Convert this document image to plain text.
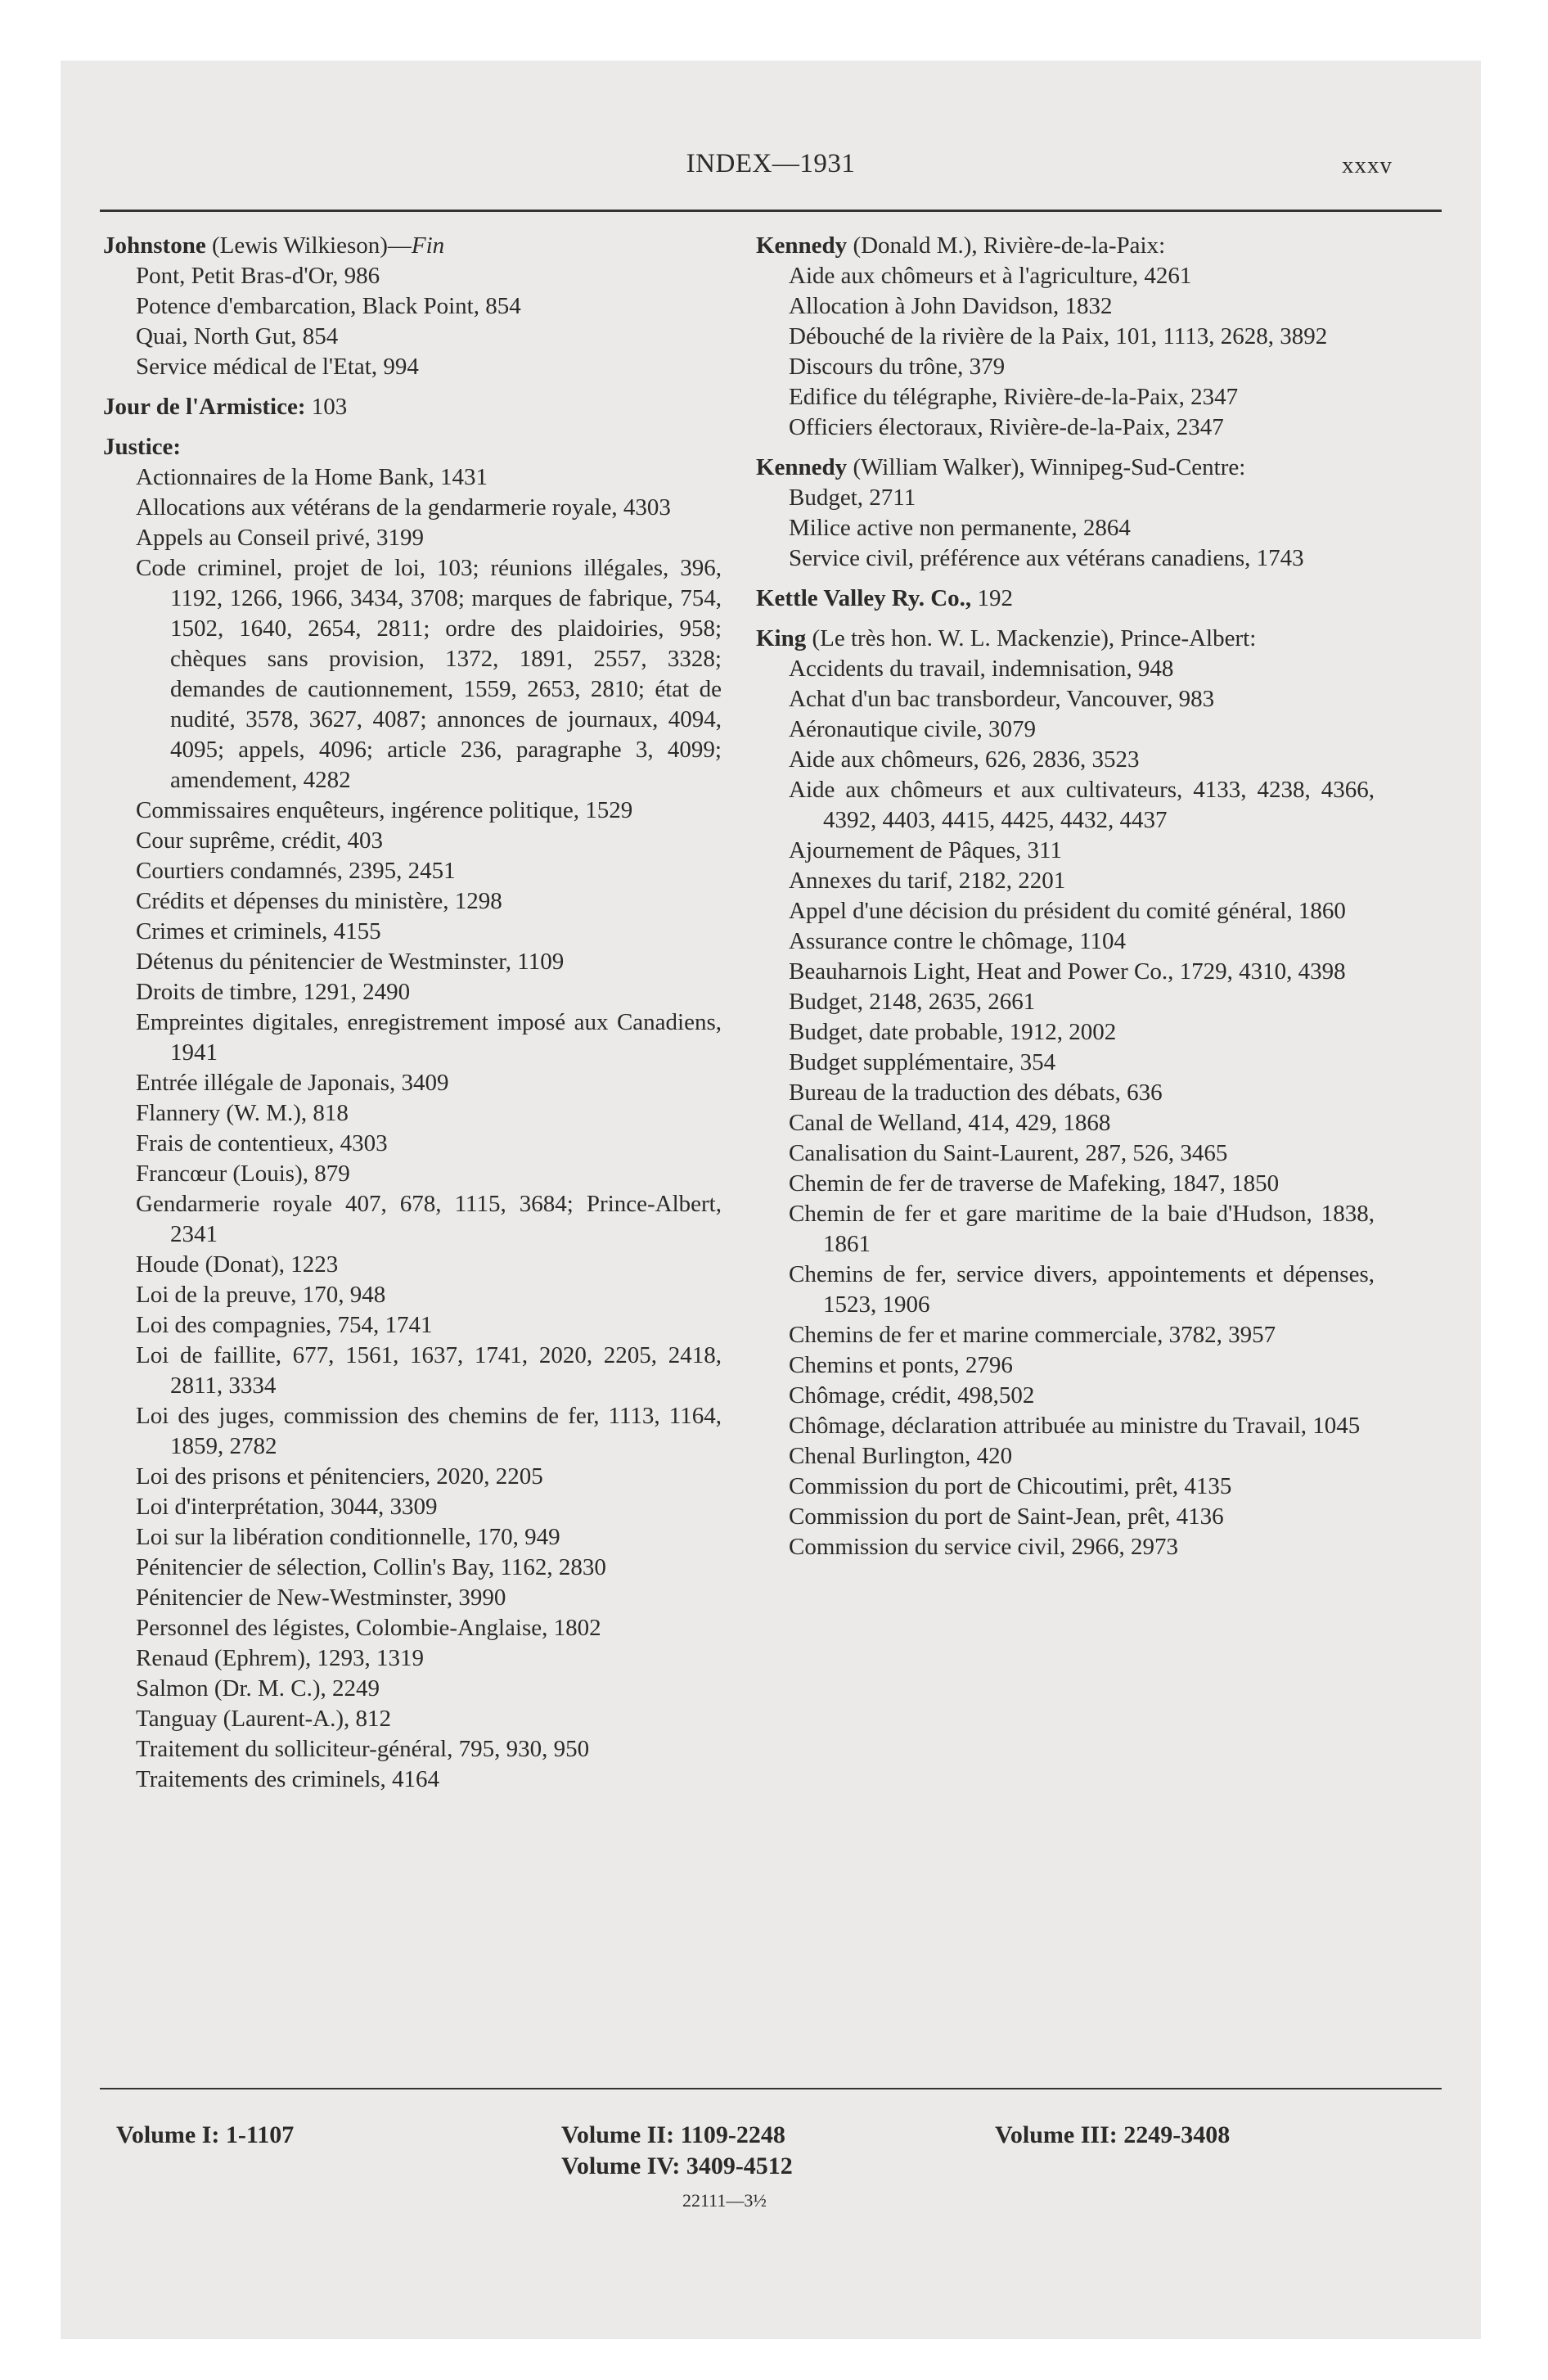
INDEX—1931	xxxv
Johnstone (Lewis Wilkieson)—Fin
Pont, Petit Bras-d'Or, 986
Potence d'embarcation, Black Point, 854
Quai, North Gut, 854
Service médical de l'Etat, 994
Jour de l'Armistice: 103
Justice:
Actionnaires de la Home Bank, 1431
Allocations aux vétérans de la gendarmerie royale, 4303
Appels au Conseil privé, 3199
Code criminel, projet de loi, 103; réunions illégales, 396, 1192, 1266, 1966, 3434, 3708; marques de fabrique, 754, 1502, 1640, 2654, 2811; ordre des plaidoiries, 958; chèques sans provision, 1372, 1891, 2557, 3328; demandes de cautionnement, 1559, 2653, 2810; état de nudité, 3578, 3627, 4087; annonces de journaux, 4094, 4095; appels, 4096; article 236, paragraphe 3, 4099; amendement, 4282
Commissaires enquêteurs, ingérence politique, 1529
Cour suprême, crédit, 403
Courtiers condamnés, 2395, 2451
Crédits et dépenses du ministère, 1298
Crimes et criminels, 4155
Détenus du pénitencier de Westminster, 1109
Droits de timbre, 1291, 2490
Empreintes digitales, enregistrement imposé aux Canadiens, 1941
Entrée illégale de Japonais, 3409
Flannery (W. M.), 818
Frais de contentieux, 4303
Francœur (Louis), 879
Gendarmerie royale 407, 678, 1115, 3684; Prince-Albert, 2341
Houde (Donat), 1223
Loi de la preuve, 170, 948
Loi des compagnies, 754, 1741
Loi de faillite, 677, 1561, 1637, 1741, 2020, 2205, 2418, 2811, 3334
Loi des juges, commission des chemins de fer, 1113, 1164, 1859, 2782
Loi des prisons et pénitenciers, 2020, 2205
Loi d'interprétation, 3044, 3309
Loi sur la libération conditionnelle, 170, 949
Pénitencier de sélection, Collin's Bay, 1162, 2830
Pénitencier de New-Westminster, 3990
Personnel des légistes, Colombie-Anglaise, 1802
Renaud (Ephrem), 1293, 1319
Salmon (Dr. M. C.), 2249
Tanguay (Laurent-A.), 812
Traitement du solliciteur-général, 795, 930, 950
Traitements des criminels, 4164
Kennedy (Donald M.), Rivière-de-la-Paix:
Aide aux chômeurs et à l'agriculture, 4261
Allocation à John Davidson, 1832
Débouché de la rivière de la Paix, 101, 1113, 2628, 3892
Discours du trône, 379
Edifice du télégraphe, Rivière-de-la-Paix, 2347
Officiers électoraux, Rivière-de-la-Paix, 2347
Kennedy (William Walker), Winnipeg-Sud-Centre:
Budget, 2711
Milice active non permanente, 2864
Service civil, préférence aux vétérans canadiens, 1743
Kettle Valley Ry. Co., 192
King (Le très hon. W. L. Mackenzie), Prince-Albert:
Accidents du travail, indemnisation, 948
Achat d'un bac transbordeur, Vancouver, 983
Aéronautique civile, 3079
Aide aux chômeurs, 626, 2836, 3523
Aide aux chômeurs et aux cultivateurs, 4133, 4238, 4366, 4392, 4403, 4415, 4425, 4432, 4437
Ajournement de Pâques, 311
Annexes du tarif, 2182, 2201
Appel d'une décision du président du comité général, 1860
Assurance contre le chômage, 1104
Beauharnois Light, Heat and Power Co., 1729, 4310, 4398
Budget, 2148, 2635, 2661
Budget, date probable, 1912, 2002
Budget supplémentaire, 354
Bureau de la traduction des débats, 636
Canal de Welland, 414, 429, 1868
Canalisation du Saint-Laurent, 287, 526, 3465
Chemin de fer de traverse de Mafeking, 1847, 1850
Chemin de fer et gare maritime de la baie d'Hudson, 1838, 1861
Chemins de fer, service divers, appointements et dépenses, 1523, 1906
Chemins de fer et marine commerciale, 3782, 3957
Chemins et ponts, 2796
Chômage, crédit, 498,502
Chômage, déclaration attribuée au ministre du Travail, 1045
Chenal Burlington, 420
Commission du port de Chicoutimi, prêt, 4135
Commission du port de Saint-Jean, prêt, 4136
Commission du service civil, 2966, 2973
Volume I: 1-1107	Volume II: 1109-2248
Volume IV: 3409-4512
Volume III: 2249-3408
22111—3½
